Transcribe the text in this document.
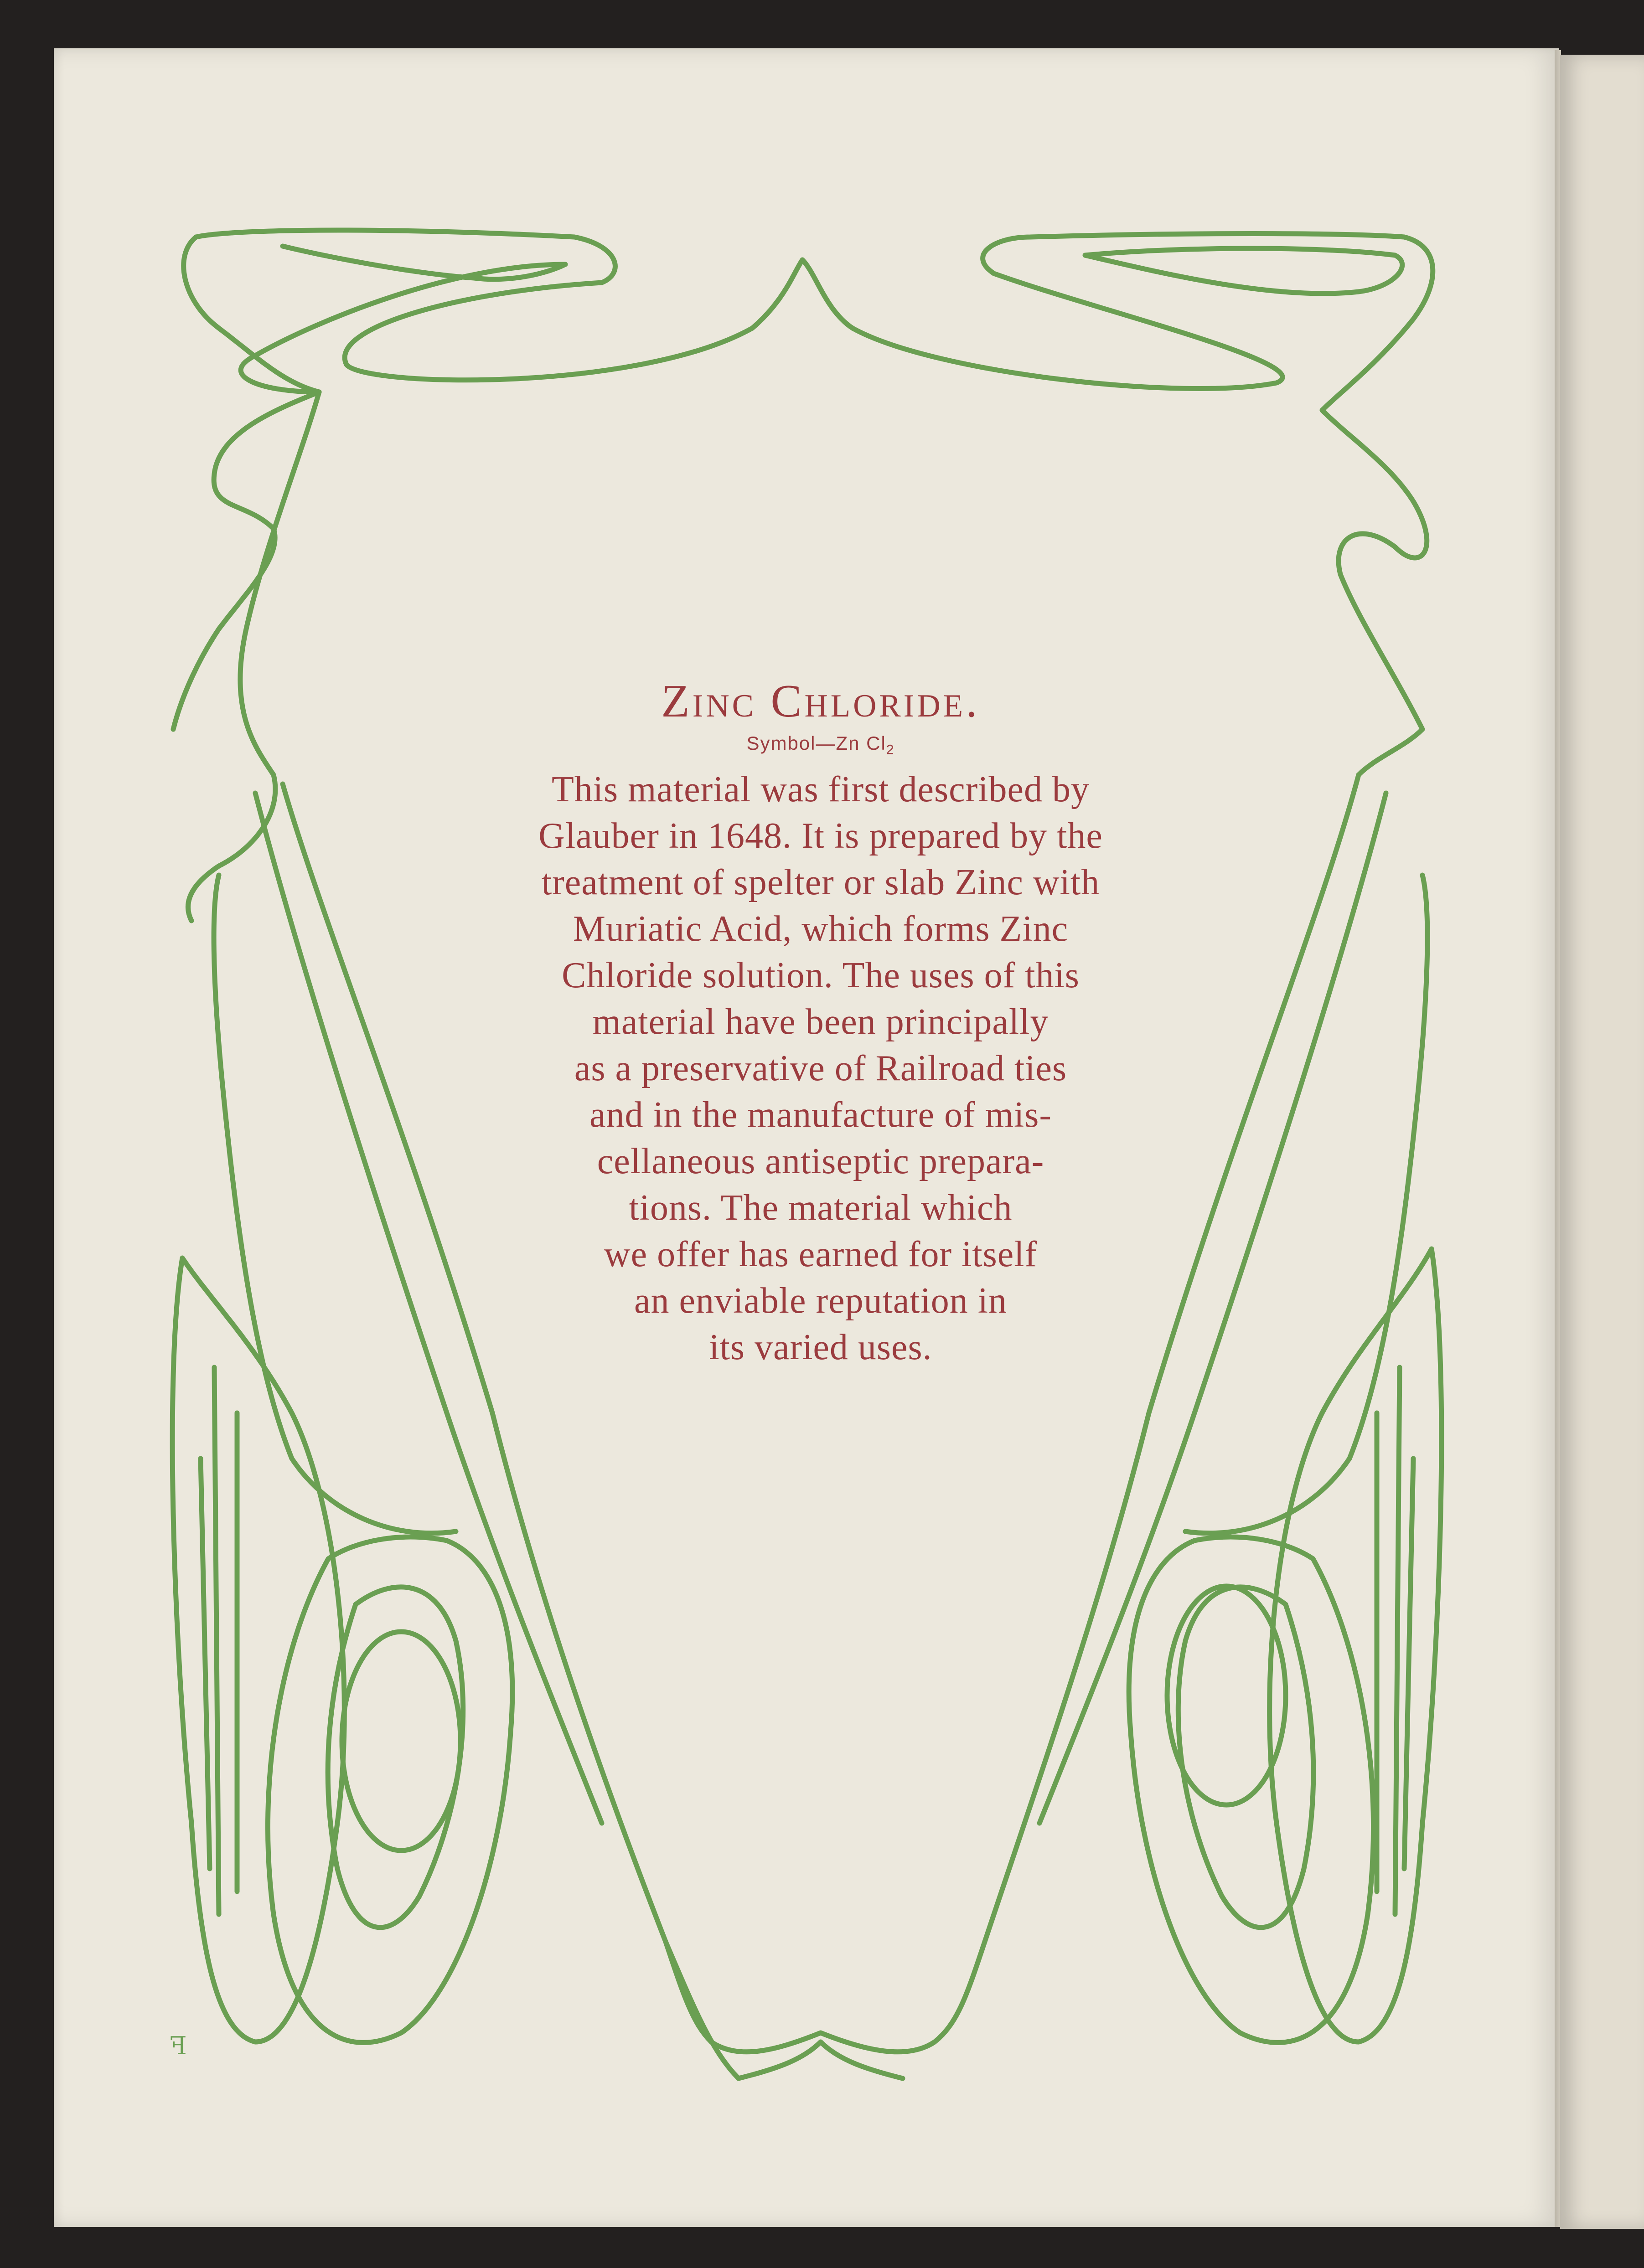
Zinc Chloride.
Symbol—Zn $Cl_2$

This material was first described by

Glauber in 1648. It is prepared by the

treatment of spelter or slab Zinc with

Muriatic Acid, which forms Zinc

Chloride solution. The uses of this

material have been principally

as a preservative of Railroad ties

and in the manufacture of mis-

cellaneous antiseptic prepara-

tions. The material which

we offer has earned for itself

an enviable reputation in

its varied uses.

ꟻ
